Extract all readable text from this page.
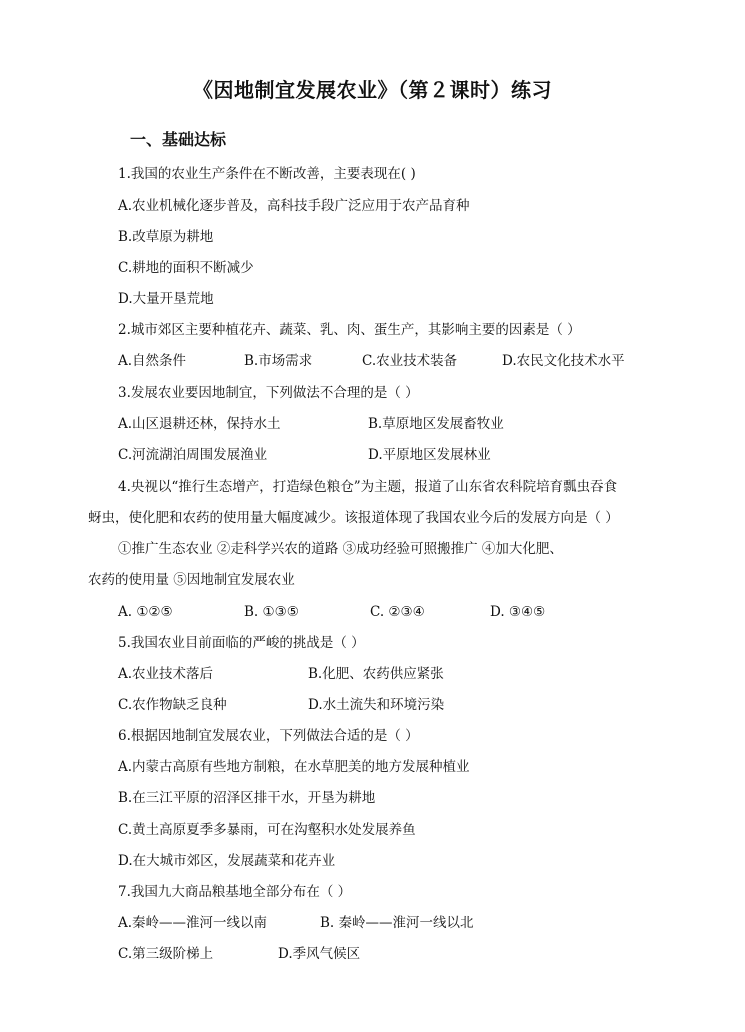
《因地制宜发展农业》（第２课时）练习
一、基础达标
1.我国的农业生产条件在不断改善，主要表现在( )
A.农业机械化逐步普及，高科技手段广泛应用于农产品育种
B.改草原为耕地
C.耕地的面积不断减少
D.大量开垦荒地
2.城市郊区主要种植花卉、蔬菜、乳、肉、蛋生产，其影响主要的因素是（ ）
A.自然条件	B.市场需求	C.农业技术装备	D.农民文化技术水平
3.发展农业要因地制宜，下列做法不合理的是（ ）
A.山区退耕还林，保持水土	B.草原地区发展畜牧业
C.河流湖泊周围发展渔业	D.平原地区发展林业
4.央视以“推行生态增产，打造绿色粮仓”为主题，报道了山东省农科院培育瓢虫吞食
蚜虫，使化肥和农药的使用量大幅度减少。该报道体现了我国农业今后的发展方向是（ ）
①推广生态农业 ②走科学兴农的道路 ③成功经验可照搬推广 ④加大化肥、
农药的使用量 ⑤因地制宜发展农业
A. ①②⑤	B. ①③⑤	C. ②③④	D. ③④⑤
5.我国农业目前面临的严峻的挑战是（ ）
A.农业技术落后	B.化肥、农药供应紧张
C.农作物缺乏良种	D.水土流失和环境污染
6.根据因地制宜发展农业，下列做法合适的是（ ）
A.内蒙古高原有些地方制粮，在水草肥美的地方发展种植业
B.在三江平原的沼泽区排干水，开垦为耕地
C.黄土高原夏季多暴雨，可在沟壑积水处发展养鱼
D.在大城市郊区，发展蔬菜和花卉业
7.我国九大商品粮基地全部分布在（ ）
A.秦岭——淮河一线以南	B. 秦岭——淮河一线以北
C.第三级阶梯上	D.季风气候区
